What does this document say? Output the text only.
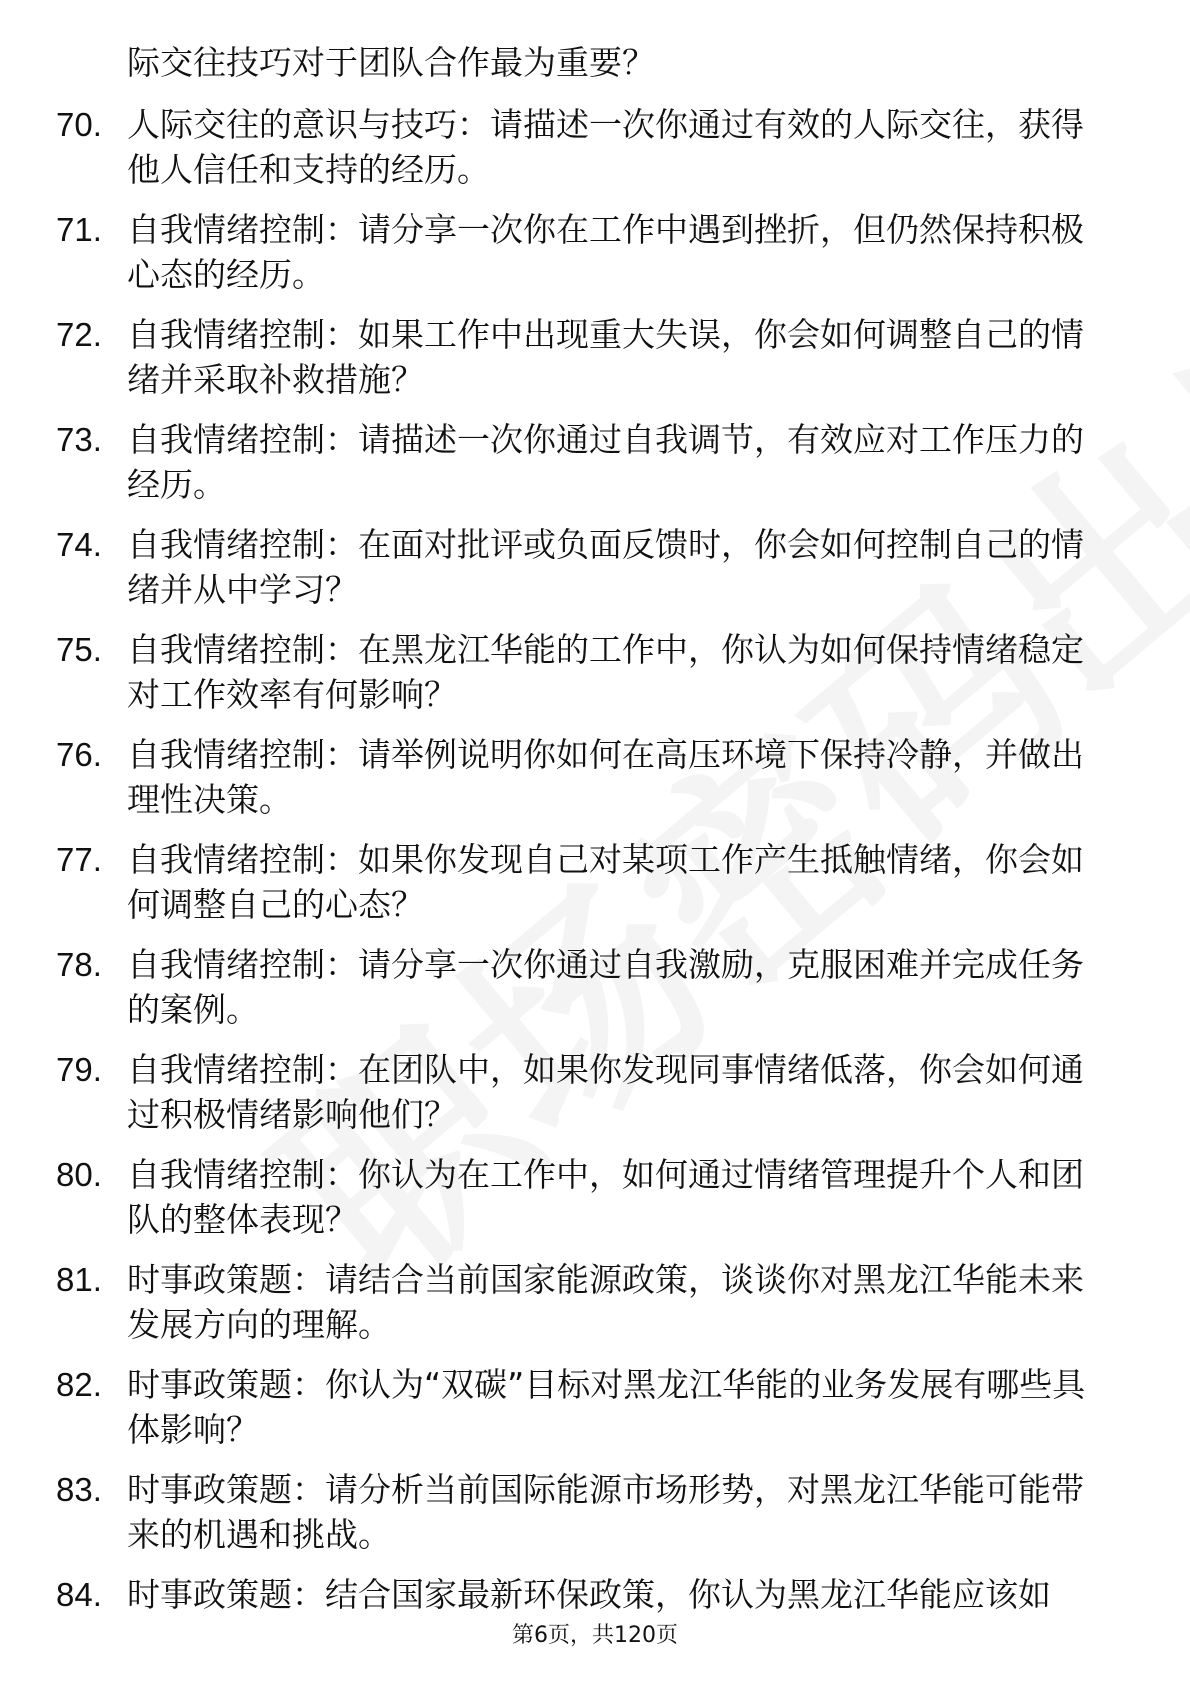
际交往技巧对于团队合作最为重要？
70. 人际交往的意识与技巧：请描述一次你通过有效的人际交往，获得他人信任和支持的经历。
71. 自我情绪控制：请分享一次你在工作中遇到挫折，但仍然保持积极心态的经历。
72. 自我情绪控制：如果工作中出现重大失误，你会如何调整自己的情绪并采取补救措施？
73. 自我情绪控制：请描述一次你通过自我调节，有效应对工作压力的经历。
74. 自我情绪控制：在面对批评或负面反馈时，你会如何控制自己的情绪并从中学习？
75. 自我情绪控制：在黑龙江华能的工作中，你认为如何保持情绪稳定对工作效率有何影响？
76. 自我情绪控制：请举例说明你如何在高压环境下保持冷静，并做出理性决策。
77. 自我情绪控制：如果你发现自己对某项工作产生抵触情绪，你会如何调整自己的心态？
78. 自我情绪控制：请分享一次你通过自我激励，克服困难并完成任务的案例。
79. 自我情绪控制：在团队中，如果你发现同事情绪低落，你会如何通过积极情绪影响他们？
80. 自我情绪控制：你认为在工作中，如何通过情绪管理提升个人和团队的整体表现？
81. 时事政策题：请结合当前国家能源政策，谈谈你对黑龙江华能未来发展方向的理解。
82. 时事政策题：你认为“双碳”目标对黑龙江华能的业务发展有哪些具体影响？
83. 时事政策题：请分析当前国际能源市场形势，对黑龙江华能可能带来的机遇和挑战。
84. 时事政策题：结合国家最新环保政策，你认为黑龙江华能应该如
第6页，共120页
